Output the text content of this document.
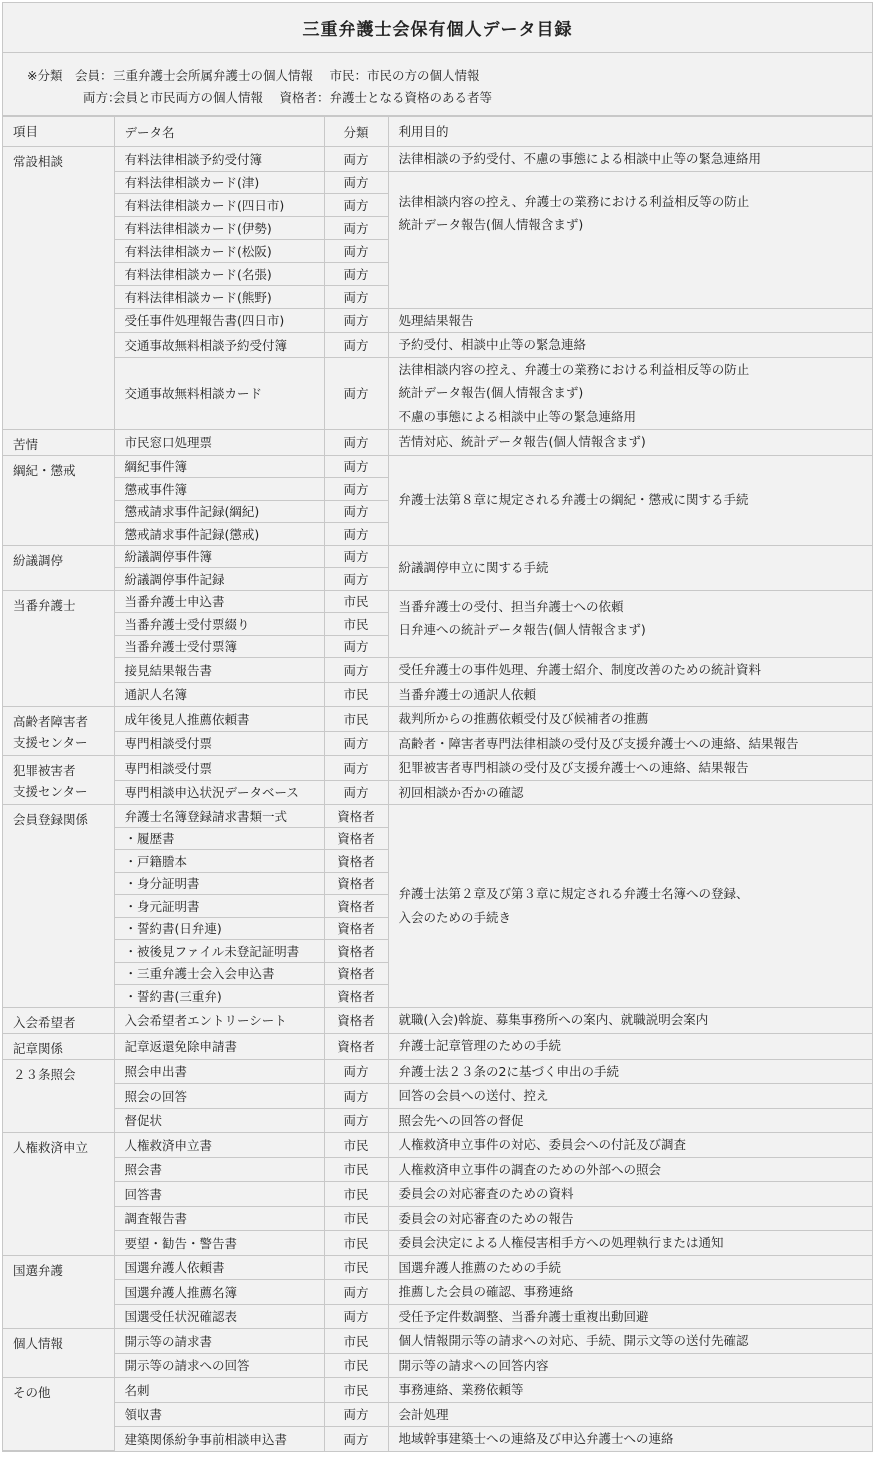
三重弁護士会保有個人データ目録
※分類　会員： 三重弁護士会所属弁護士の個人情報　 市民：市民の方の個人情報
両方：
会員と市民両方の個人情報　 資格者：弁護士となる資格のある者等
項目	データ名	分類	利用目的
常設相談	有料法律相談予約受付簿	両方	法律相談の予約受付、不慮の事態による相談中止等の緊急連絡用

	有料法律相談カード(津)	両方	法律相談内容の控え、弁護士の業務における利益相反等の防止
統計データ報告(個人情報含まず)

	有料法律相談カード(四日市)	両方	
	有料法律相談カード(伊勢)	両方	
	有料法律相談カード(松阪)	両方	
	有料法律相談カード(名張)	両方	
	有料法律相談カード(熊野)	両方	
	受任事件処理報告書(四日市)	両方	処理結果報告

	交通事故無料相談予約受付簿	両方	予約受付、相談中止等の緊急連絡

	交通事故無料相談カード	両方	法律相談内容の控え、弁護士の業務における利益相反等の防止
統計データ報告(個人情報含まず)
不慮の事態による相談中止等の緊急連絡用

苦情	市民窓口処理票	両方	苦情対応、統計データ報告(個人情報含まず)

綱紀・懲戒	綱紀事件簿	両方	弁護士法第８章に規定される弁護士の綱紀・懲戒に関する手続

	懲戒事件簿	両方	
	懲戒請求事件記録(綱紀)	両方	
	懲戒請求事件記録(懲戒)	両方	
紛議調停	紛議調停事件簿	両方	紛議調停申立に関する手続

	紛議調停事件記録	両方	
当番弁護士	当番弁護士申込書	市民	当番弁護士の受付、担当弁護士への依頼
日弁連への統計データ報告(個人情報含まず)

	当番弁護士受付票綴り	市民	
	当番弁護士受付票簿	両方	
	接見結果報告書	両方	受任弁護士の事件処理、弁護士紹介、制度改善のための統計資料

	通訳人名簿	市民	当番弁護士の通訳人依頼

高齢者障害者
支援センター	成年後見人推薦依頼書	市民	裁判所からの推薦依頼受付及び候補者の推薦

	専門相談受付票	両方	高齢者・障害者専門法律相談の受付及び支援弁護士への連絡、結果報告

犯罪被害者
支援センター	専門相談受付票	両方	犯罪被害者専門相談の受付及び支援弁護士への連絡、結果報告

	専門相談申込状況データベース	両方	初回相談か否かの確認

会員登録関係	弁護士名簿登録請求書類一式	資格者	弁護士法第２章及び第３章に規定される弁護士名簿への登録、
入会のための手続き

	・履歴書	資格者	
	・戸籍謄本	資格者	
	・身分証明書	資格者	
	・身元証明書	資格者	
	・誓約書(日弁連)	資格者	
	・被後見ファイル未登記証明書	資格者	
	・三重弁護士会入会申込書	資格者	
	・誓約書(三重弁)	資格者	
入会希望者	入会希望者エントリーシート	資格者	就職(入会)斡旋、募集事務所への案内、就職説明会案内

記章関係	記章返還免除申請書	資格者	弁護士記章管理のための手続

２３条照会	照会申出書	両方	弁護士法２３条の2に基づく申出の手続

	照会の回答	両方	回答の会員への送付、控え

	督促状	両方	照会先への回答の督促

人権救済申立	人権救済申立書	市民	人権救済申立事件の対応、委員会への付託及び調査

	照会書	市民	人権救済申立事件の調査のための外部への照会

	回答書	市民	委員会の対応審査のための資料

	調査報告書	市民	委員会の対応審査のための報告

	要望・勧告・警告書	市民	委員会決定による人権侵害相手方への処理執行または通知

国選弁護	国選弁護人依頼書	市民	国選弁護人推薦のための手続

	国選弁護人推薦名簿	両方	推薦した会員の確認、事務連絡

	国選受任状況確認表	両方	受任予定件数調整、当番弁護士重複出動回避

個人情報	開示等の請求書	市民	個人情報開示等の請求への対応、手続、開示文等の送付先確認

	開示等の請求への回答	市民	開示等の請求への回答内容

その他	名刺	市民	事務連絡、業務依頼等

	領収書	両方	会計処理

	建築関係紛争事前相談申込書	両方	地域幹事建築士への連絡及び申込弁護士への連絡
